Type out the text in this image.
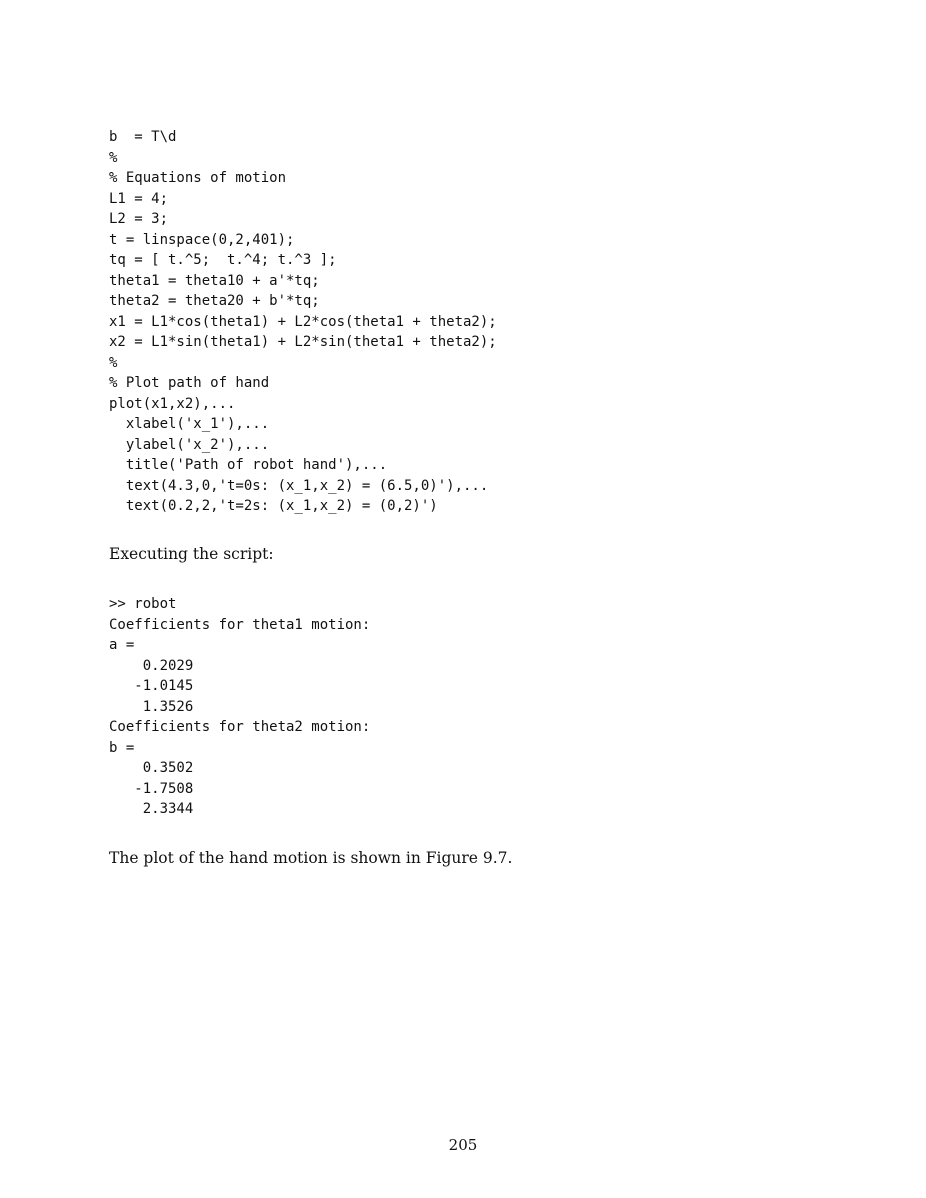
b  = T\d
%
% Equations of motion
L1 = 4;
L2 = 3;
t = linspace(0,2,401);
tq = [ t.^5;  t.^4; t.^3 ];
theta1 = theta10 + a'*tq;
theta2 = theta20 + b'*tq;
x1 = L1*cos(theta1) + L2*cos(theta1 + theta2);
x2 = L1*sin(theta1) + L2*sin(theta1 + theta2);
%
% Plot path of hand
plot(x1,x2),...
xlabel('x_1'),...
ylabel('x_2'),...
title('Path of robot hand'),...
text(4.3,0,'t=0s: (x_1,x_2) = (6.5,0)'),...
text(0.2,2,'t=2s: (x_1,x_2) = (0,2)')

Executing the script:

>> robot
Coefficients for theta1 motion:
a =
0.2029
-1.0145
1.3526
Coefficients for theta2 motion:
b =
0.3502
-1.7508
2.3344

The plot of the hand motion is shown in Figure 9.7.

205
